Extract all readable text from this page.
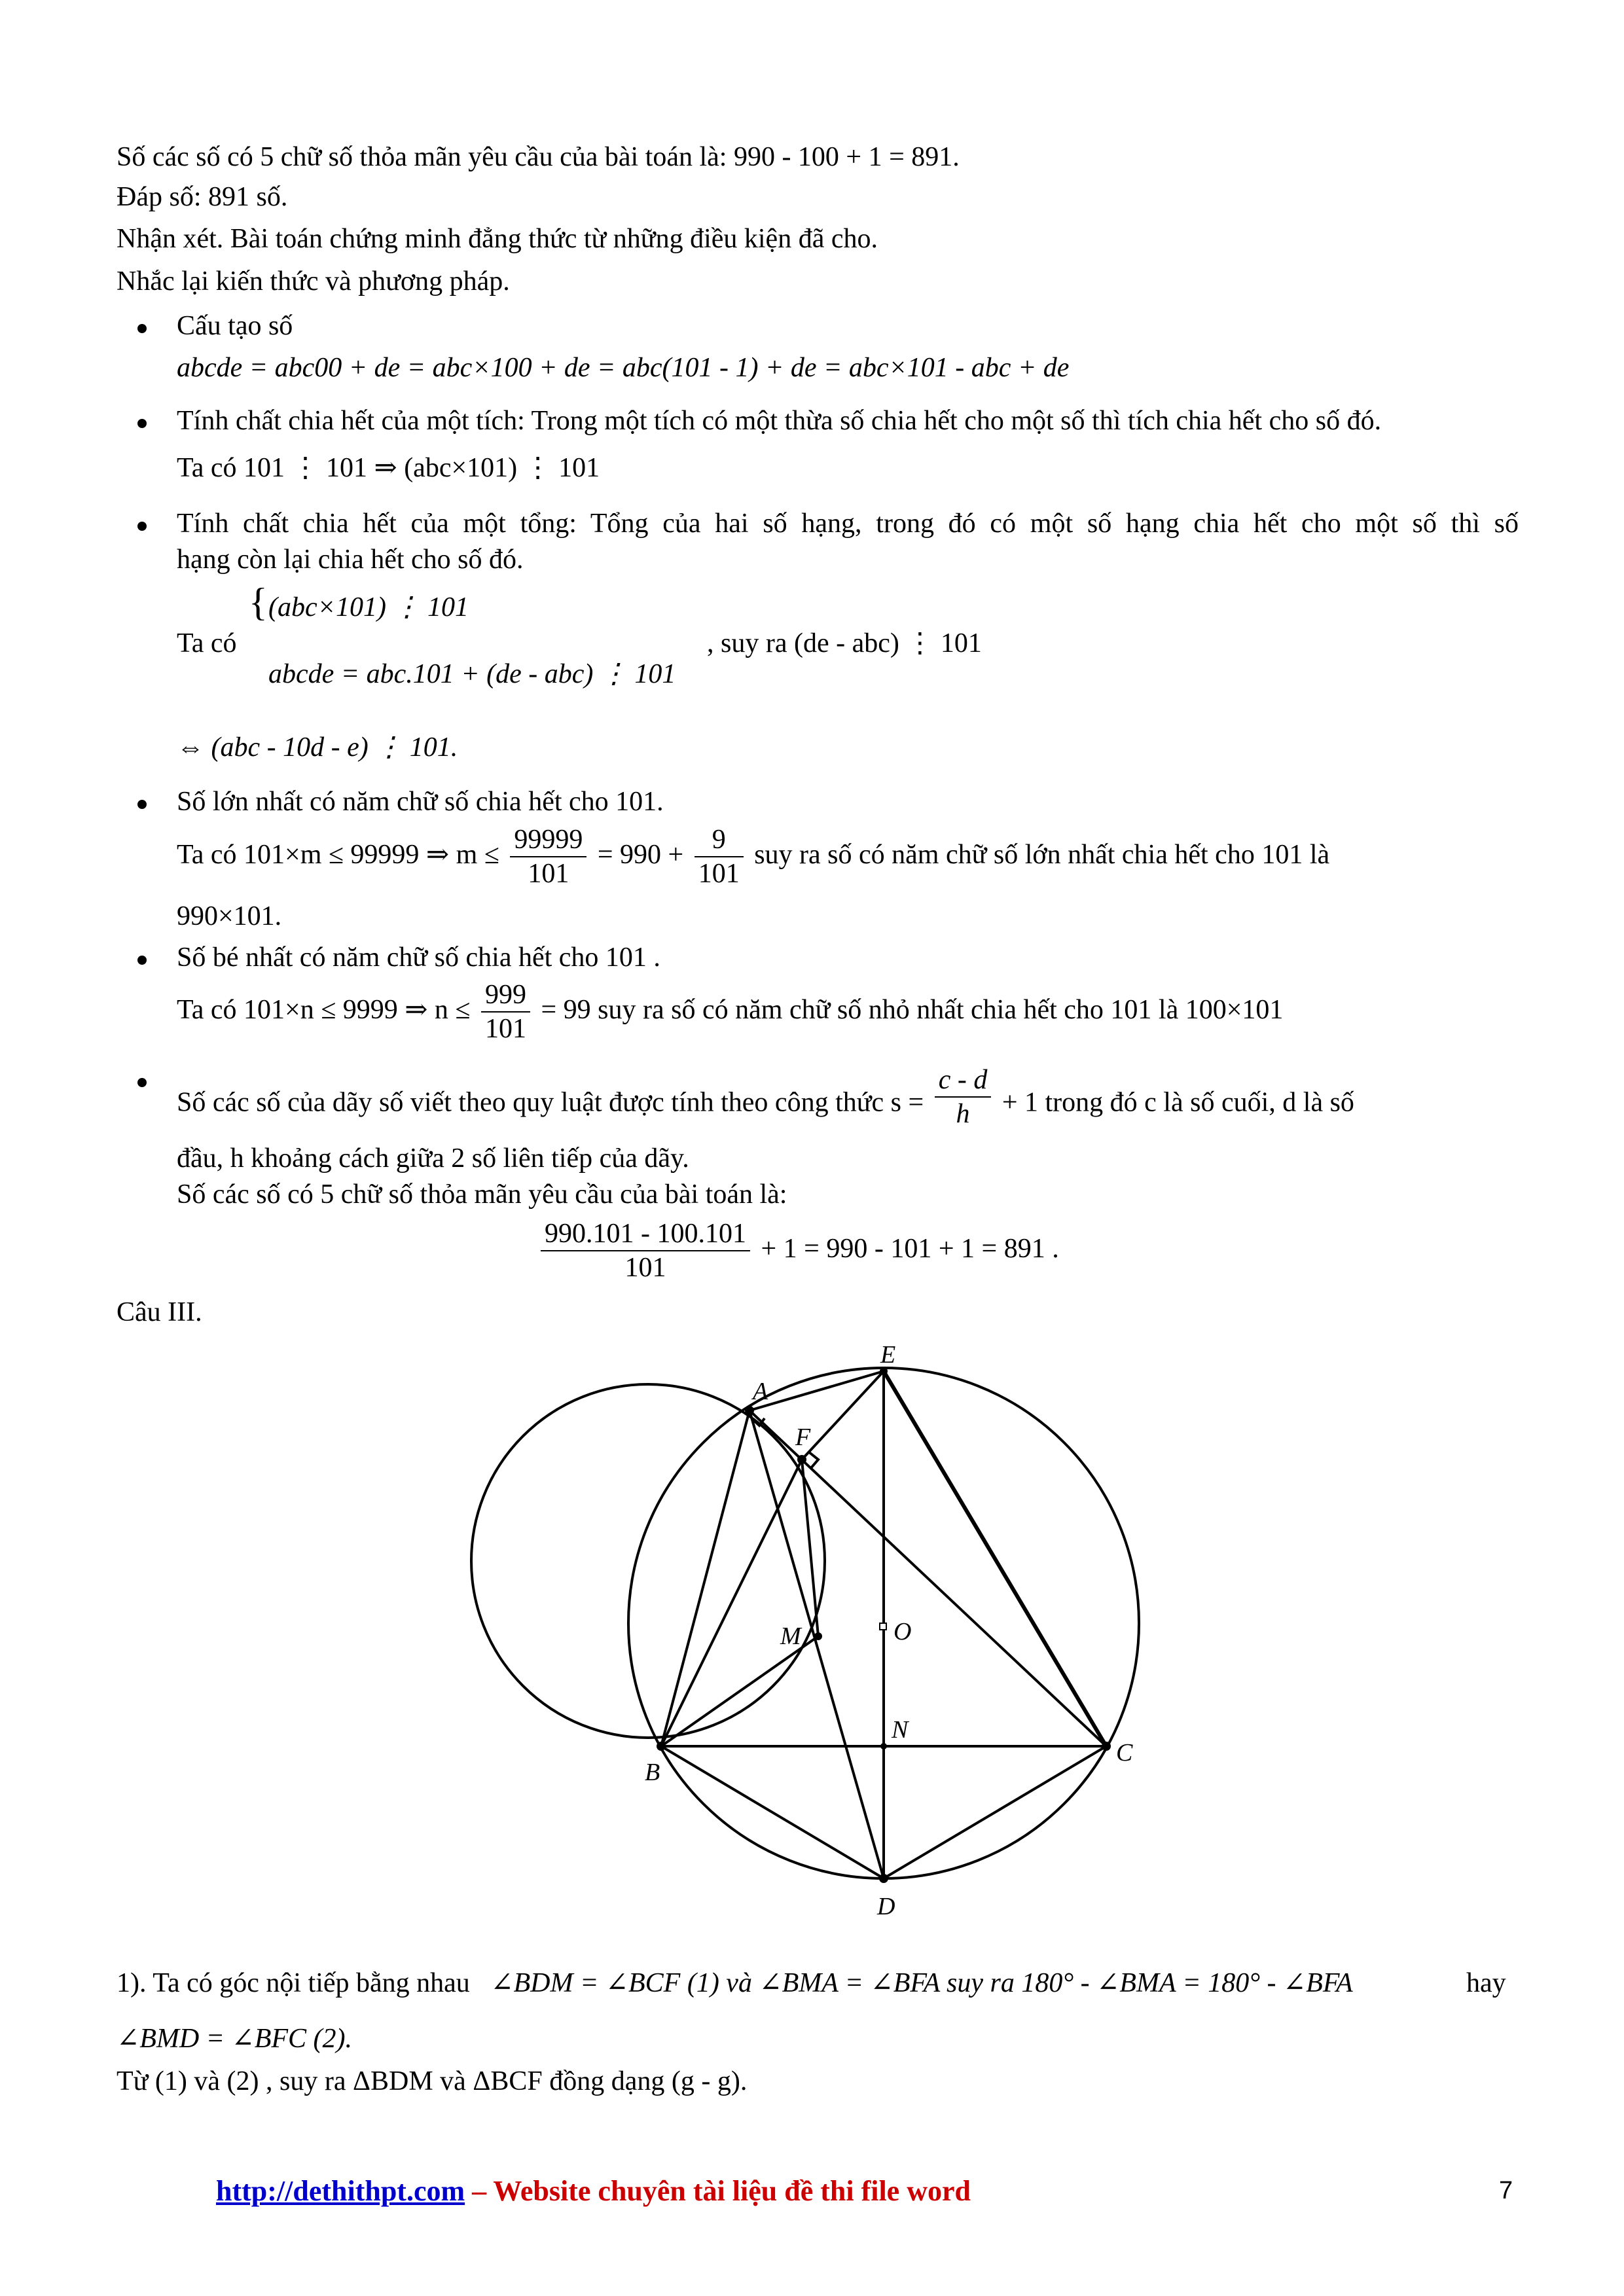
Số các số có 5 chữ số thỏa mãn yêu cầu của bài toán là: 990 - 100 + 1 = 891.
Đáp số: 891 số.
Nhận xét. Bài toán chứng minh đẳng thức từ những điều kiện đã cho.
Nhắc lại kiến thức và phương pháp.
Cấu tạo số
abcde = abc00 + de = abc×100 + de = abc(101 - 1) + de = abc×101 - abc + de
Tính chất chia hết của một tích: Trong một tích có một thừa số chia hết cho một số thì tích chia hết cho số đó.
Ta có 101 ⋮ 101 ⇒ (abc×101) ⋮ 101
Tính chất chia hết của một tổng: Tổng của hai số hạng, trong đó có một số hạng chia hết cho một số thì số
hạng còn lại chia hết cho số đó.
Ta có
{ (abc×101) ⋮ 101
abcde = abc.101 + (de - abc) ⋮ 101
, suy ra (de - abc) ⋮ 101
⇔ (abc - 10d - e) ⋮ 101.
Số lớn nhất có năm chữ số chia hết cho 101.
Ta có 101×m ≤ 99999 ⇒ $m \le \frac{99999}{101} = 990 + \frac{9}{101}$ suy ra số có năm chữ số lớn nhất chia hết cho 101 là
990×101.
Số bé nhất có năm chữ số chia hết cho 101 .
Ta có 101×n ≤ 9999 ⇒ $n \le \frac{999}{101} = 99$ suy ra số có năm chữ số nhỏ nhất chia hết cho 101 là 100×101
Số các số của dãy số viết theo quy luật được tính theo công thức $s = \frac{c - d}{h} + 1$ trong đó c là số cuối, d là số
đầu, h khoảng cách giữa 2 số liên tiếp của dãy.
Số các số có 5 chữ số thỏa mãn yêu cầu của bài toán là:
$\frac{990.101 - 100.101}{101} + 1 = 990 - 101 + 1 = 891$ .
Câu III.
A
E
F
M	O
N
B
C
D
1). Ta có góc nội tiếp bằng nhau ∠BDM = ∠BCF (1) và ∠BMA = ∠BFA suy ra 180° - ∠BMA = 180° - ∠BFA	hay
∠BMD = ∠BFC (2).
Từ (1) và (2) , suy ra ΔBDM và ΔBCF đồng dạng (g - g).
http://dethithpt.com – Website chuyên tài liệu đề thi file word	7
